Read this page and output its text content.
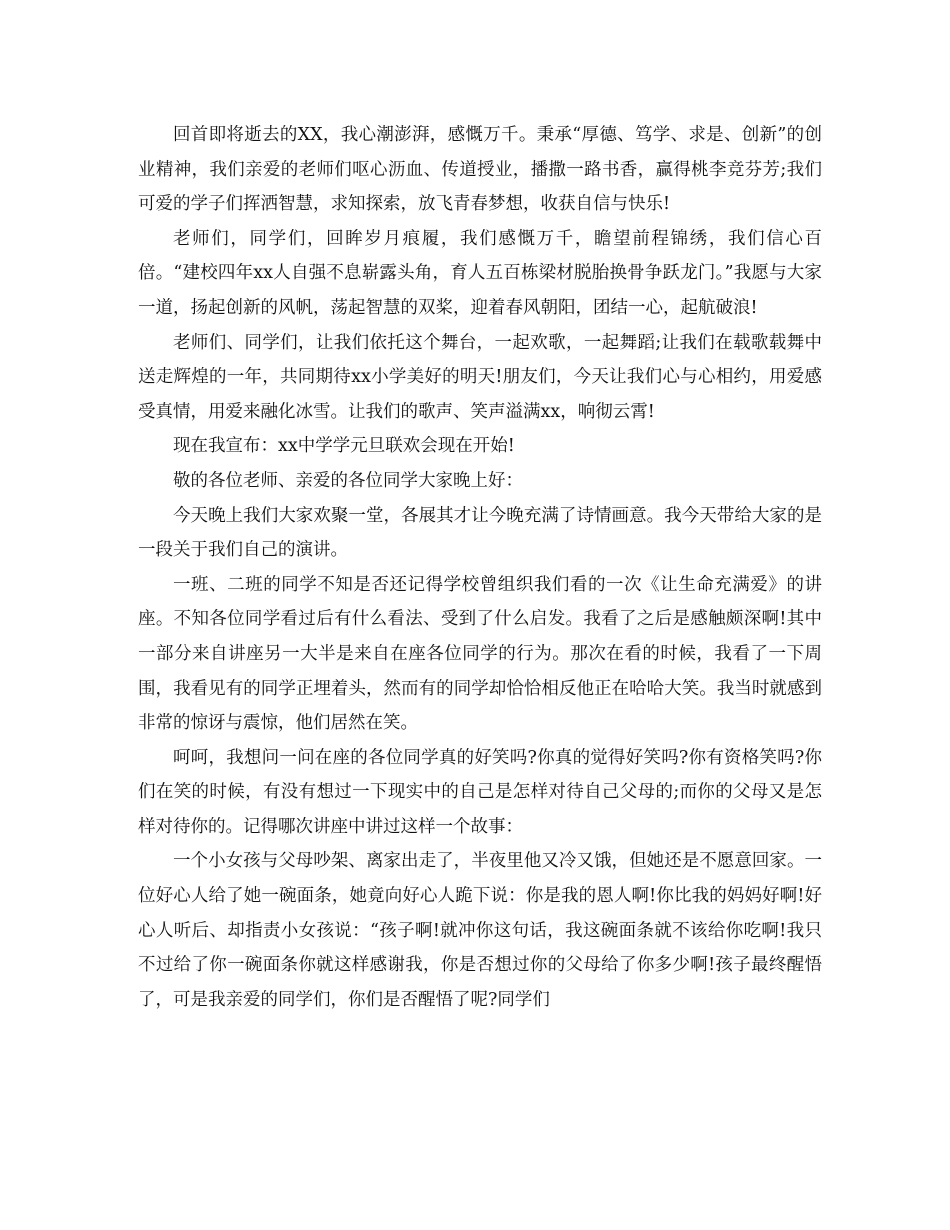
回首即将逝去的XX，我心潮澎湃，感慨万千。秉承“厚德、笃学、求是、创新”的创业精神，我们亲爱的老师们呕心沥血、传道授业，播撒一路书香，赢得桃李竞芬芳;我们可爱的学子们挥洒智慧，求知探索，放飞青春梦想，收获自信与快乐!

老师们，同学们，回眸岁月痕履，我们感慨万千，瞻望前程锦绣，我们信心百倍。“建校四年xx人自强不息崭露头角，育人五百栋梁材脱胎换骨争跃龙门。”我愿与大家一道，扬起创新的风帆，荡起智慧的双桨，迎着春风朝阳，团结一心，起航破浪!

老师们、同学们，让我们依托这个舞台，一起欢歌，一起舞蹈;让我们在载歌载舞中送走辉煌的一年，共同期待xx小学美好的明天!朋友们，今天让我们心与心相约，用爱感受真情，用爱来融化冰雪。让我们的歌声、笑声溢满xx，响彻云霄!

现在我宣布：xx中学学元旦联欢会现在开始!

敬的各位老师、亲爱的各位同学大家晚上好：

今天晚上我们大家欢聚一堂，各展其才让今晚充满了诗情画意。我今天带给大家的是一段关于我们自己的演讲。

一班、二班的同学不知是否还记得学校曾组织我们看的一次《让生命充满爱》的讲座。不知各位同学看过后有什么看法、受到了什么启发。我看了之后是感触颇深啊!其中一部分来自讲座另一大半是来自在座各位同学的行为。那次在看的时候，我看了一下周围，我看见有的同学正埋着头，然而有的同学却恰恰相反他正在哈哈大笑。我当时就感到非常的惊讶与震惊，他们居然在笑。

呵呵，我想问一问在座的各位同学真的好笑吗?你真的觉得好笑吗?你有资格笑吗?你们在笑的时候，有没有想过一下现实中的自己是怎样对待自己父母的;而你的父母又是怎样对待你的。记得哪次讲座中讲过这样一个故事：

一个小女孩与父母吵架、离家出走了，半夜里他又冷又饿，但她还是不愿意回家。一位好心人给了她一碗面条，她竟向好心人跪下说：你是我的恩人啊!你比我的妈妈好啊!好心人听后、却指责小女孩说：“孩子啊!就冲你这句话，我这碗面条就不该给你吃啊!我只不过给了你一碗面条你就这样感谢我，你是否想过你的父母给了你多少啊!孩子最终醒悟了，可是我亲爱的同学们，你们是否醒悟了呢?同学们
